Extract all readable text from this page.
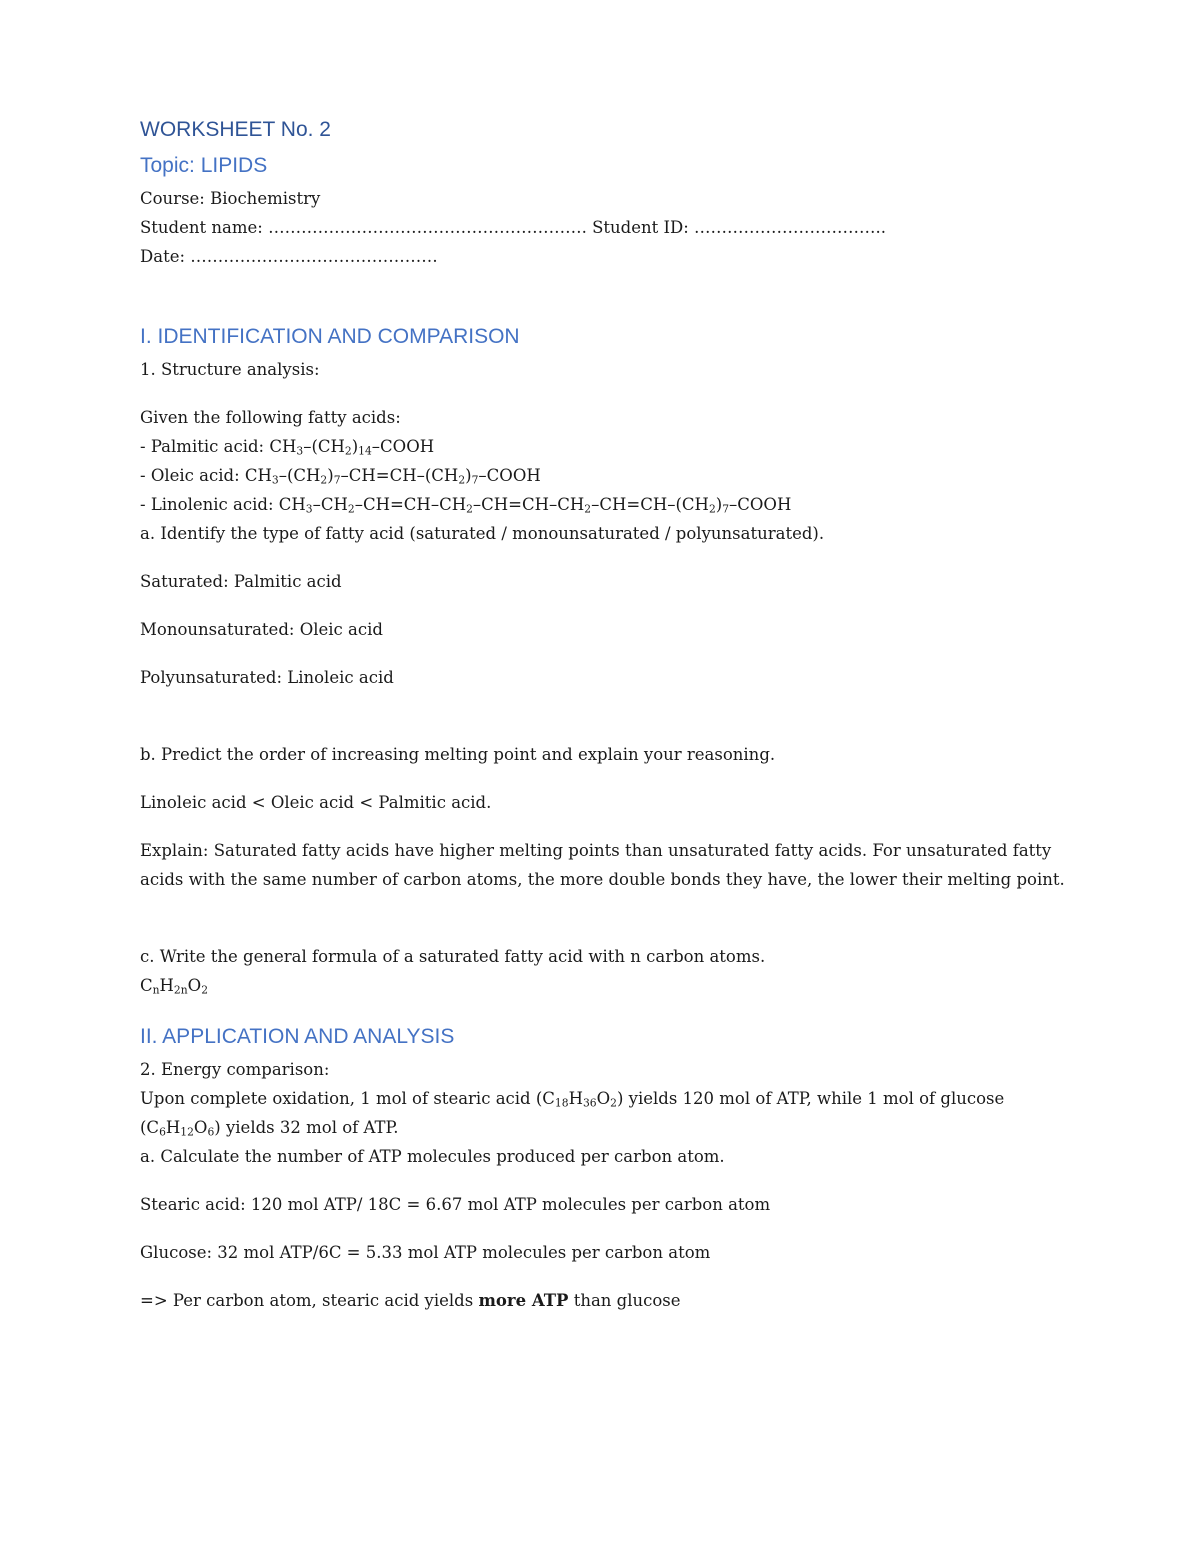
WORKSHEET No. 2
Topic: LIPIDS
Course: Biochemistry
Student name: …………………………………………………. Student ID: ……………………………..
Date: ………………………………………
I. IDENTIFICATION AND COMPARISON
1. Structure analysis:
Given the following fatty acids:
- Palmitic acid: $CH_3-(CH_2)_{14}$–COOH
- Oleic acid: $CH_3-(CH_2)_7-CH=CH-(CH_2)_7$–COOH
- Linolenic acid: $CH_3-CH_2-CH=CH-CH_2-CH=CH-CH_2-CH=CH-(CH_2)_7$–COOH
a. Identify the type of fatty acid (saturated / monounsaturated / polyunsaturated).
Saturated: Palmitic acid
Monounsaturated: Oleic acid
Polyunsaturated: Linoleic acid
b. Predict the order of increasing melting point and explain your reasoning.
Linoleic acid < Oleic acid < Palmitic acid.
Explain: Saturated fatty acids have higher melting points than unsaturated fatty acids. For unsaturated fatty acids with the same number of carbon atoms, the more double bonds they have, the lower their melting point.
c. Write the general formula of a saturated fatty acid with n carbon atoms.
$C_nH_{2n}O_2$
II. APPLICATION AND ANALYSIS
2. Energy comparison:
Upon complete oxidation, 1 mol of stearic acid $(C_{18}H_{36}O_2)$ yields 120 mol of ATP, while 1 mol of glucose $(C_6H_{12}O_6)$ yields 32 mol of ATP.
a. Calculate the number of ATP molecules produced per carbon atom.
Stearic acid: 120 mol ATP/ 18C = 6.67 mol ATP molecules per carbon atom
Glucose: 32 mol ATP/6C = 5.33 mol ATP molecules per carbon atom
=> Per carbon atom, stearic acid yields more ATP than glucose
